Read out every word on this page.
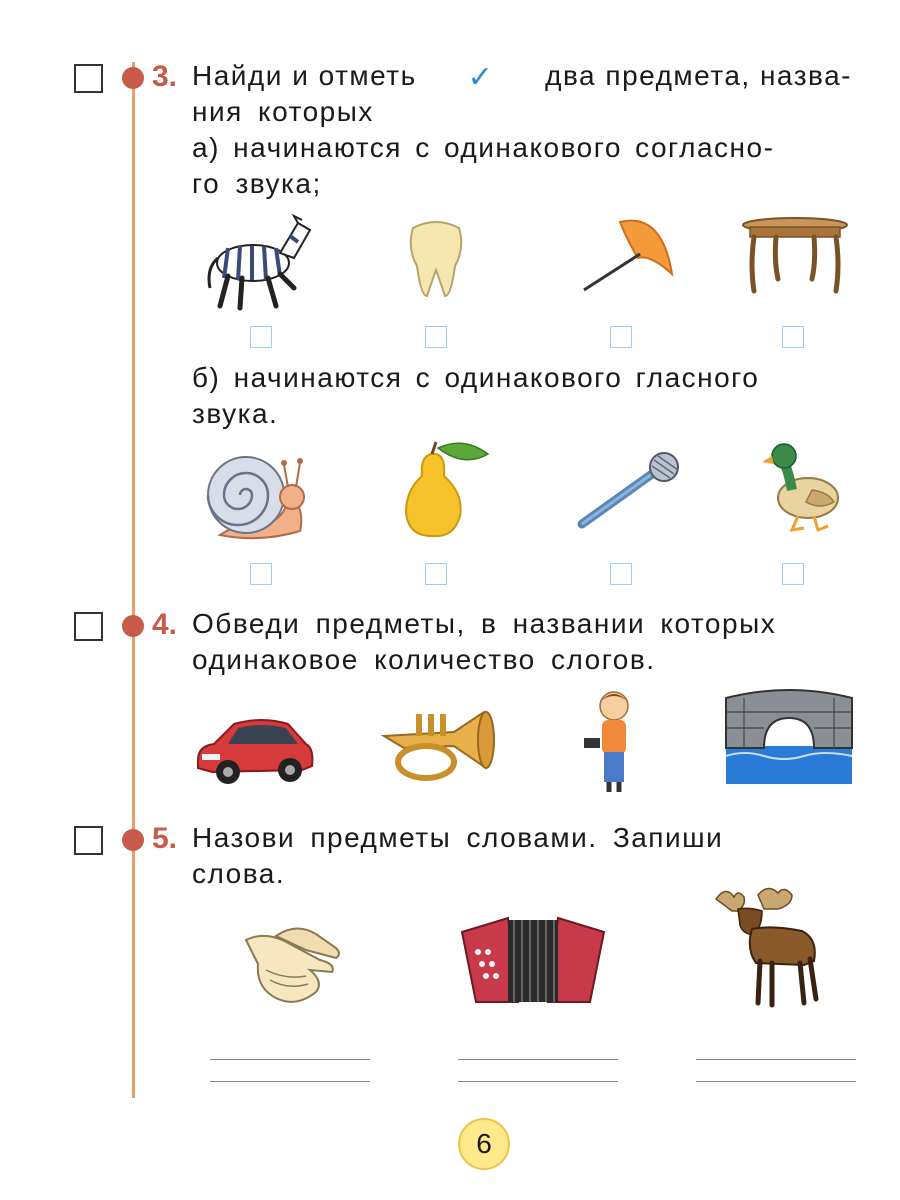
3. Найди и отметь ✓ два предмета, назва-
ния которых
а) начинаются с одинакового согласно-
го звука;
б) начинаются с одинакового гласного
звука.
4. Обведи предметы, в названии которых
одинаковое количество слогов.
5. Назови предметы словами. Запиши
слова.
6
